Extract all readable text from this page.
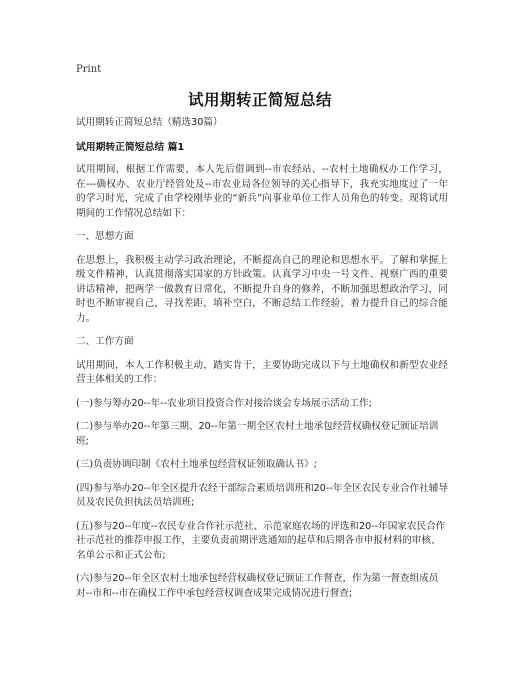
Print
试用期转正简短总结

试用期转正简短总结（精选30篇）

试用期转正简短总结 篇1

试用期间，根据工作需要，本人先后借调到--市农经站、--农村土地确权办工作学习，在---确权办、农业厅经管处及--市农业局各位领导的关心指导下，我充实地度过了一年的学习时光，完成了由学校刚毕业的“新兵”向事业单位工作人员角色的转变。现将试用期间的工作情况总结如下：

一、思想方面

在思想上，我积极主动学习政治理论，不断提高自己的理论和思想水平。了解和掌握上级文件精神，认真贯彻落实国家的方针政策。认真学习中央一号文件、视察广西的重要讲话精神，把两学一做教育日常化，不断提升自身的修养，不断加强思想政治学习，同时也不断审视自己，寻找差距，填补空白，不断总结工作经验，着力提升自己的综合能力。

二、工作方面

试用期间，本人工作积极主动，踏实肯干，主要协助完成以下与土地确权和新型农业经营主体相关的工作：

(一)参与筹办20--年--农业项目投资合作对接洽谈会专场展示活动工作;

(二)参与举办20--年第三期、20--年第一期全区农村土地承包经营权确权登记颁证培训班;

(三)负责协调印制《农村土地承包经营权证领取确认书》;

(四)参与举办20--年全区提升农经干部综合素质培训班和20--年全区农民专业合作社辅导员及农民负担执法员培训班;

(五)参与20--年度--农民专业合作社示范社、示范家庭农场的评选和20--年国家农民合作社示范社的推荐申报工作，主要负责前期评选通知的起草和后期各市申报材料的审核、名单公示和正式公布;

(六)参与20--年全区农村土地承包经营权确权登记颁证工作督查，作为第一督查组成员对--市和--市在确权工作中承包经营权调查成果完成情况进行督查;
